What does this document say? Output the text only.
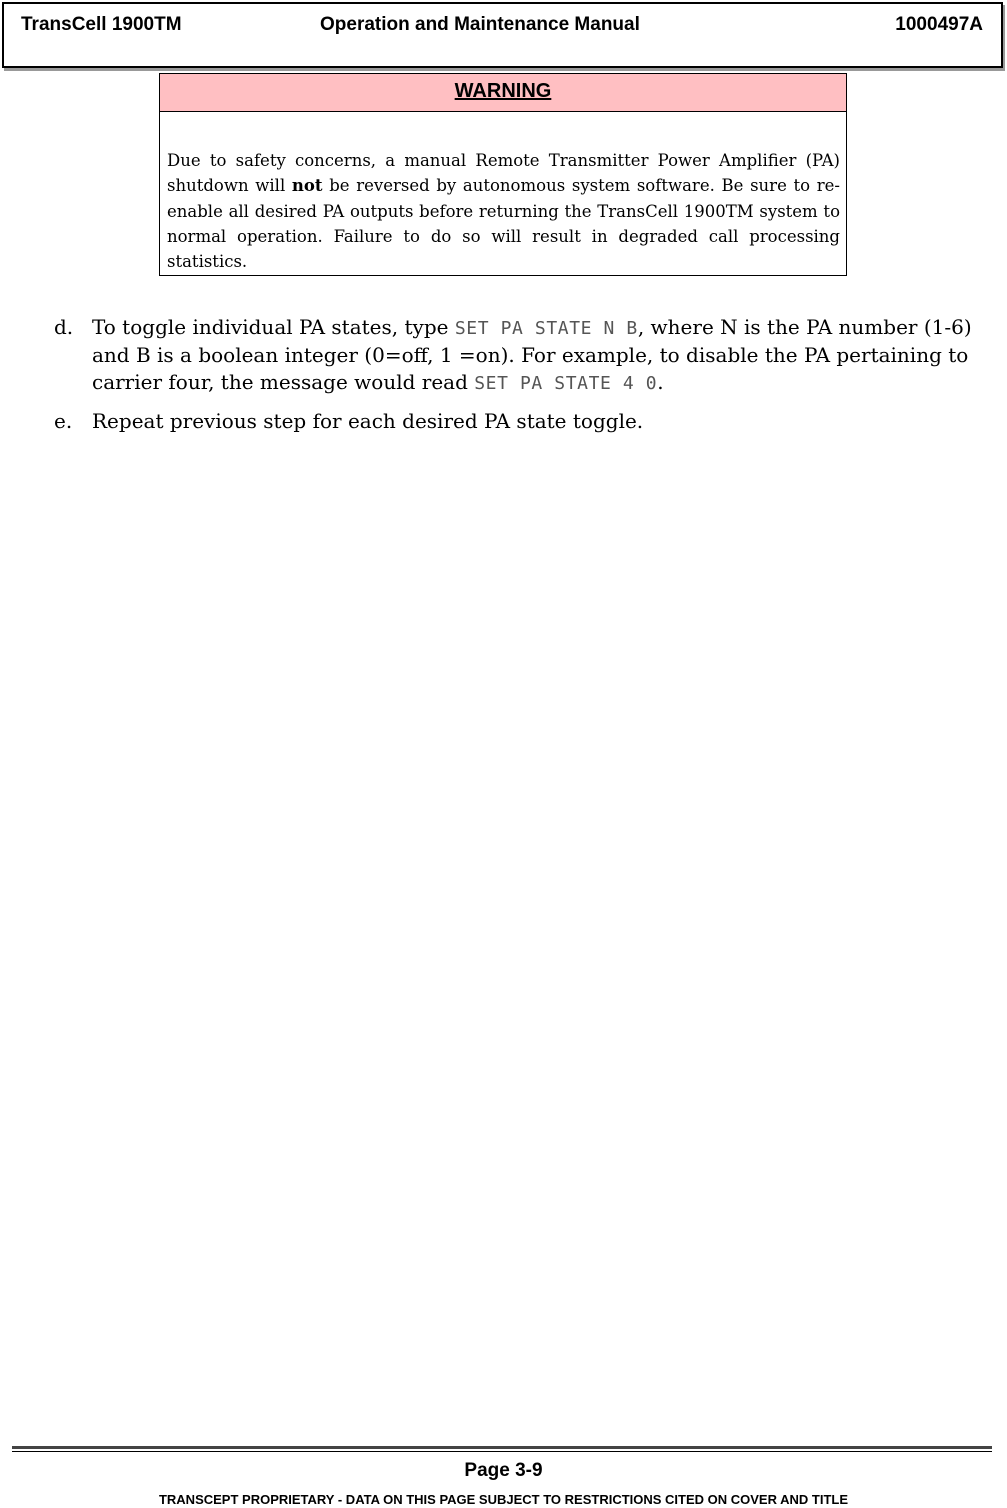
TransCell 1900TM	Operation and Maintenance Manual	1000497A
WARNING
Due to safety concerns, a manual Remote Transmitter Power Amplifier (PA) shutdown will not be reversed by autonomous system software. Be sure to re-enable all desired PA outputs before returning the TransCell 1900TM system to normal operation. Failure to do so will result in degraded call processing statistics.
d. To toggle individual PA states, type SET PA STATE N B, where N is the PA number (1-6) and B is a boolean integer (0=off, 1 =on). For example, to disable the PA pertaining to carrier four, the message would read SET PA STATE 4 0.
e. Repeat previous step for each desired PA state toggle.
Page 3-9
TRANSCEPT PROPRIETARY - DATA ON THIS PAGE SUBJECT TO RESTRICTIONS CITED ON COVER AND TITLE
